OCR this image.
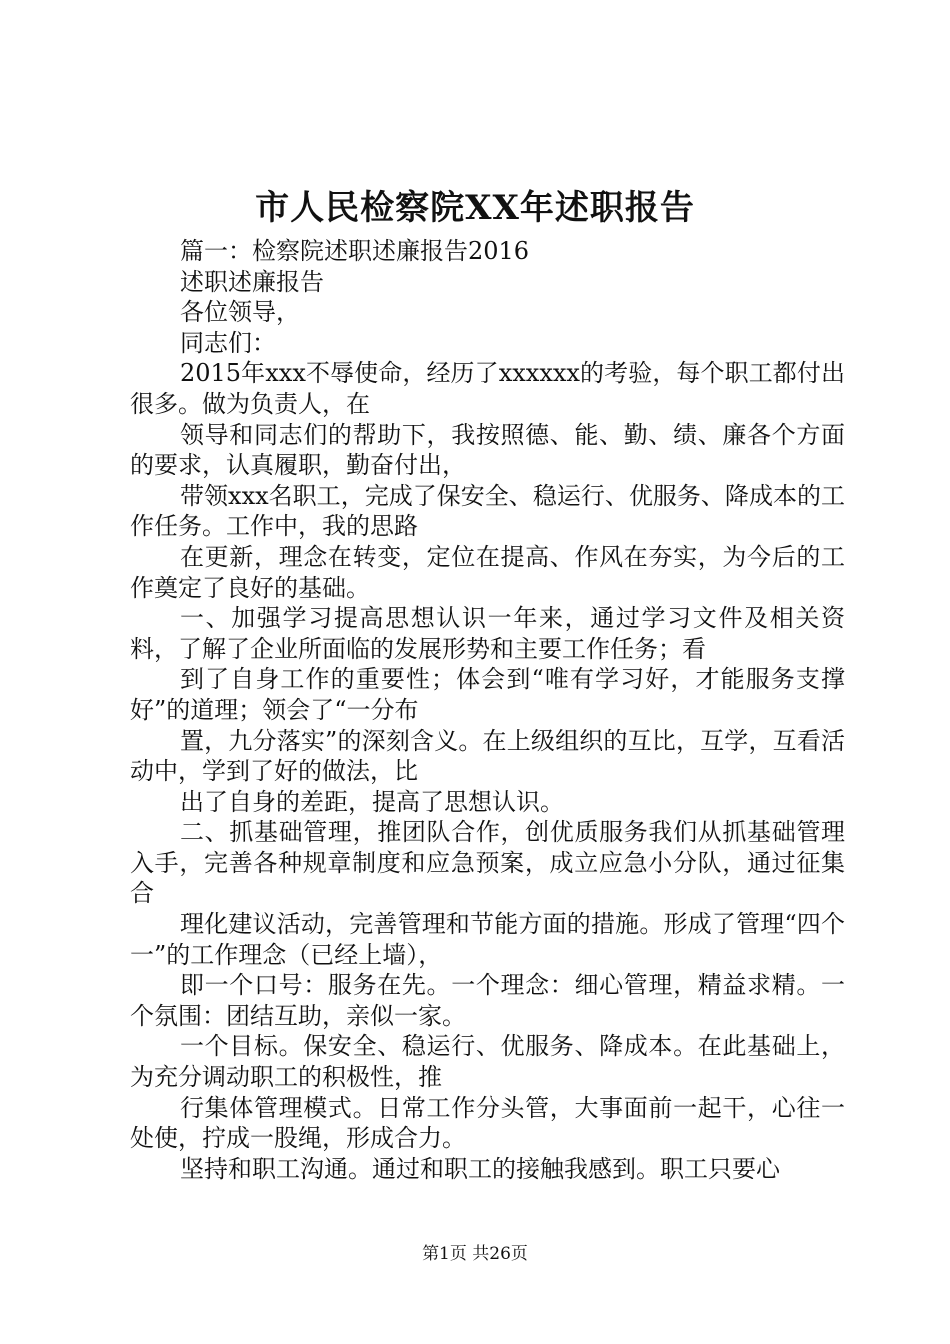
市人民检察院XX年述职报告

篇一：检察院述职述廉报告2016

述职述廉报告

各位领导，

同志们：

2015年xxx不辱使命，经历了xxxxxx的考验，每个职工都付出很多。做为负责人，在

领导和同志们的帮助下，我按照德、能、勤、绩、廉各个方面的要求，认真履职，勤奋付出，

带领xxx名职工，完成了保安全、稳运行、优服务、降成本的工作任务。工作中，我的思路

在更新，理念在转变，定位在提高、作风在夯实，为今后的工作奠定了良好的基础。

一、加强学习提高思想认识一年来，通过学习文件及相关资料，了解了企业所面临的发展形势和主要工作任务；看

到了自身工作的重要性；体会到“唯有学习好，才能服务支撑好”的道理；领会了“一分布

置，九分落实”的深刻含义。在上级组织的互比，互学，互看活动中，学到了好的做法，比

出了自身的差距，提高了思想认识。

二、抓基础管理，推团队合作，创优质服务我们从抓基础管理入手，完善各种规章制度和应急预案，成立应急小分队，通过征集合

理化建议活动，完善管理和节能方面的措施。形成了管理“四个一”的工作理念（已经上墙），

即一个口号：服务在先。一个理念：细心管理，精益求精。一个氛围：团结互助，亲似一家。

一个目标。保安全、稳运行、优服务、降成本。在此基础上，为充分调动职工的积极性，推

行集体管理模式。日常工作分头管，大事面前一起干，心往一处使，拧成一股绳，形成合力。

坚持和职工沟通。通过和职工的接触我感到。职工只要心

第1页 共26页
